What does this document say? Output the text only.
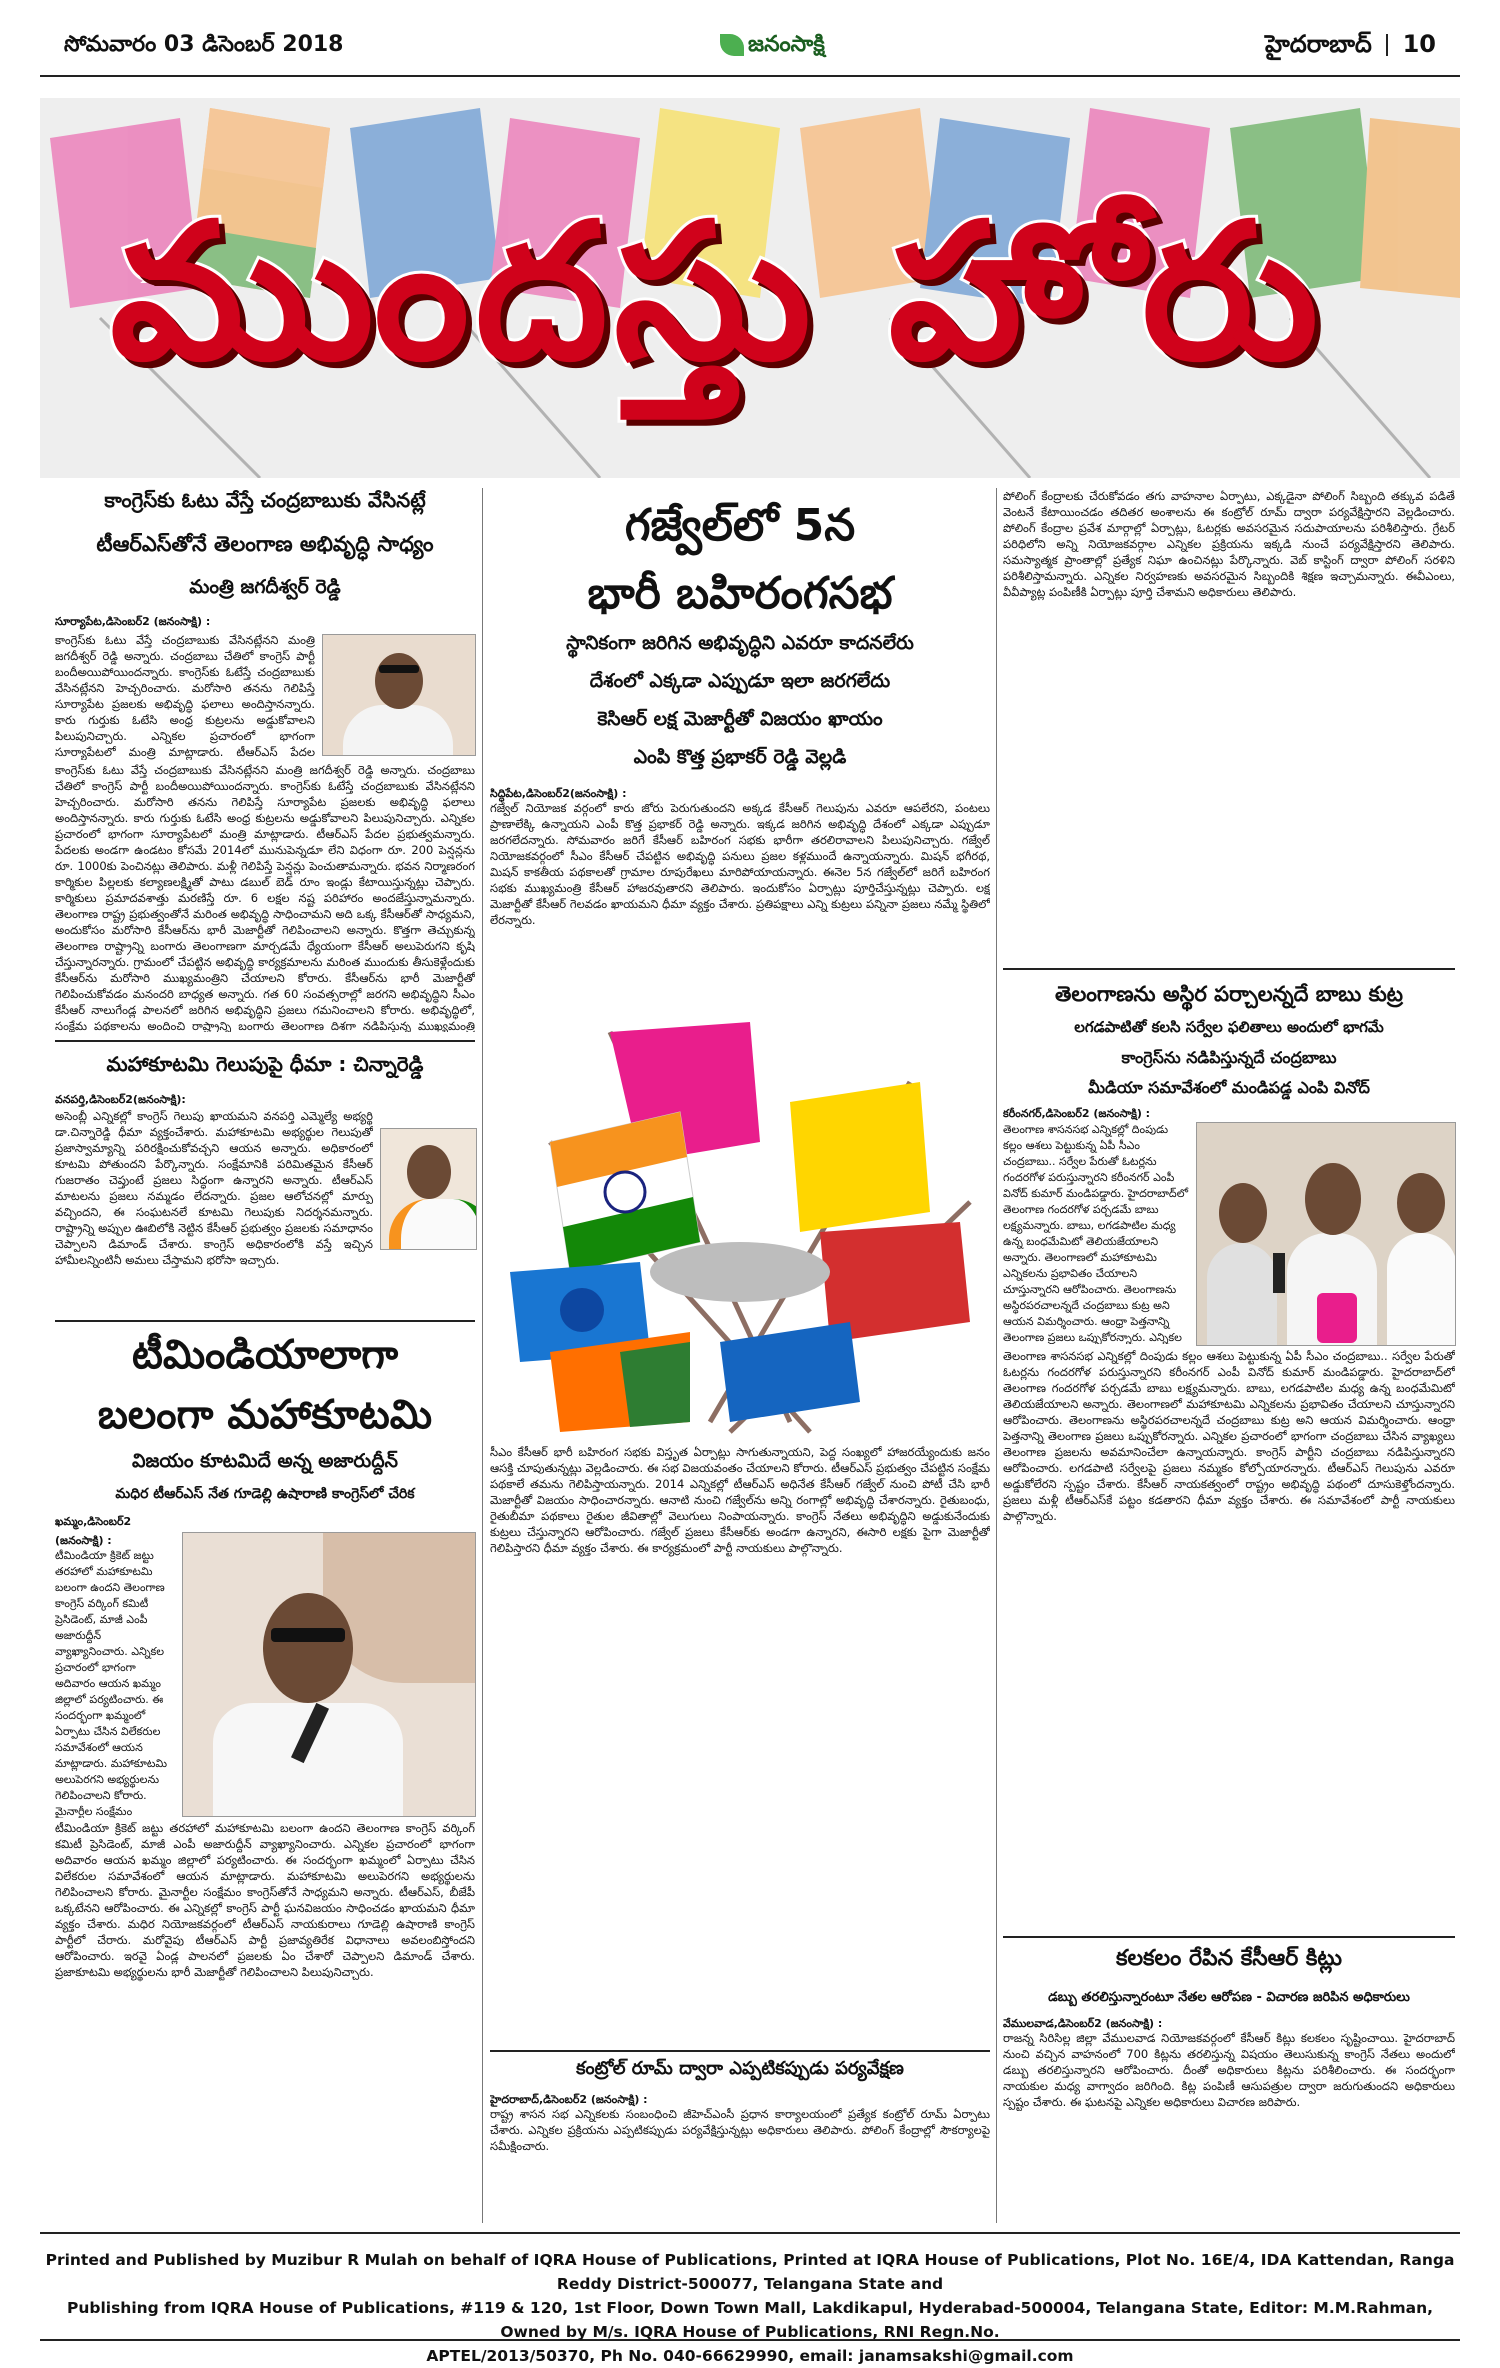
సోమవారం 03 డిసెంబర్ 2018	జనంసాక్షి	హైదరాబాద్ 10
ముందస్తు హోరు
కాంగ్రెస్‌కు ఓటు వేస్తే చంద్రబాబుకు వేసినట్లే
టీఆర్‌ఎస్‌తోనే తెలంగాణ అభివృద్ధి సాధ్యం
మంత్రి జగదీశ్వర్ రెడ్డి
సూర్యాపేట,డిసెంబర్2 (జనంసాక్షి) :
కాంగ్రెస్‌కు ఓటు వేస్తే చంద్రబాబుకు వేసినట్లేనని మంత్రి జగదీశ్వర్ రెడ్డి అన్నారు. చంద్రబాబు చేతిలో కాంగ్రెస్ పార్టీ బందీఅయిపోయిందన్నారు. కాంగ్రెస్‌కు ఓటేస్తే చంద్రబాబుకు వేసినట్లేనని హెచ్చరించారు. మరోసారి తనను గెలిపిస్తే సూర్యాపేట ప్రజలకు అభివృద్ధి ఫలాలు అందిస్తానన్నారు. కారు గుర్తుకు ఓటేసి అంధ్ర కుట్రలను అడ్డుకోవాలని పిలుపునిచ్చారు. ఎన్నికల ప్రచారంలో భాగంగా సూర్యాపేటలో మంత్రి మాట్లాడారు. టీఆర్‌ఎస్ పేదల
కాంగ్రెస్‌కు ఓటు వేస్తే చంద్రబాబుకు వేసినట్లేనని మంత్రి జగదీశ్వర్ రెడ్డి అన్నారు. చంద్రబాబు చేతిలో కాంగ్రెస్ పార్టీ బందీఅయిపోయిందన్నారు. కాంగ్రెస్‌కు ఓటేస్తే చంద్రబాబుకు వేసినట్లేనని హెచ్చరించారు. మరోసారి తనను గెలిపిస్తే సూర్యాపేట ప్రజలకు అభివృద్ధి ఫలాలు అందిస్తానన్నారు. కారు గుర్తుకు ఓటేసి అంధ్ర కుట్రలను అడ్డుకోవాలని పిలుపునిచ్చారు. ఎన్నికల ప్రచారంలో భాగంగా సూర్యాపేటలో మంత్రి మాట్లాడారు. టీఆర్‌ఎస్ పేదల ప్రభుత్వమన్నారు. పేదలకు అండగా ఉండటం కోసమే 2014లో మునుపెన్నడూ లేని విధంగా రూ. 200 పెన్షన్లను రూ. 1000కు పెంచినట్లు తెలిపారు. మళ్లీ గెలిపిస్తే పెన్షన్లు పెంచుతామన్నారు. భవన నిర్మాణరంగ కార్మికుల పిల్లలకు కల్యాణలక్ష్మితో పాటు డబుల్ బెడ్ రూం ఇండ్లు కేటాయిస్తున్నట్లు చెప్పారు. కార్మికులు ప్రమాదవశాత్తు మరణిస్తే రూ. 6 లక్షల నష్ట పరిహారం అందజేస్తున్నామన్నారు. తెలంగాణ రాష్ట్ర ప్రభుత్వంతోనే మరింత అభివృద్ధి సాధించామని అది ఒక్క కేసీఆర్‌తో సాధ్యమని, అందుకోసం మరోసారి కేసీఆర్‌ను భారీ మెజార్టీతో గెలిపించాలని అన్నారు. కొత్తగా తెచ్చుకున్న తెలంగాణ రాష్ట్రాన్ని బంగారు తెలంగాణగా మార్చడమే ధ్యేయంగా కేసీఆర్ అలుపెరుగని కృషి చేస్తున్నారన్నారు. గ్రామంలో చేపట్టిన అభివృద్ధి కార్యక్రమాలను మరింత ముందుకు తీసుకెళ్లేందుకు కేసీఆర్‌ను మరోసారి ముఖ్యమంత్రిని చేయాలని కోరారు. కేసీఆర్‌ను భారీ మెజార్టీతో గెలిపించుకోవడం మనందరి బాధ్యత అన్నారు. గత 60 సంవత్సరాల్లో జరగని అభివృద్ధిని సీఎం కేసీఆర్ నాలుగేండ్ల పాలనలో జరిగిన అభివృద్ధిని ప్రజలు గమనించాలని కోరారు. అభివృద్ధిలో, సంక్షేమ పథకాలను అందించి రాష్ట్రాన్ని బంగారు తెలంగాణ దిశగా నడిపిస్తున్న ముఖ్యమంత్రి
మహాకూటమి గెలుపుపై ధీమా : చిన్నారెడ్డి
వనపర్తి,డిసెంబర్2(జనంసాక్షి):
అసెంబ్లీ ఎన్నికల్లో కాంగ్రెస్ గెలుపు ఖాయమని వనపర్తి ఎమ్మెల్యే అభ్యర్థి డా.చిన్నారెడ్డి ధీమా వ్యక్తంచేశారు. మహాకూటమి అభ్యర్థుల గెలుపుతో ప్రజాస్వామ్యాన్ని పరిరక్షించుకోవచ్చని ఆయన అన్నారు. అధికారంలో కూటమి పోతుందని పేర్కొన్నారు. సంక్షేమానికి పరిమితమైన కేసీఆర్ గుజరాతం చెప్తుంటే ప్రజలు సిద్ధంగా ఉన్నారని అన్నారు. టీఆర్‌ఎస్ మాటలను ప్రజలు నమ్మడం లేదన్నారు. ప్రజల ఆలోచనల్లో మార్పు వచ్చిందని, ఈ సంఘటనలే కూటమి గెలుపుకు నిదర్శనమన్నారు. రాష్ట్రాన్ని అప్పుల ఊబిలోకి నెట్టిన కేసీఆర్ ప్రభుత్వం ప్రజలకు సమాధానం చెప్పాలని డిమాండ్ చేశారు. కాంగ్రెస్ అధికారంలోకి వస్తే ఇచ్చిన హామీలన్నింటినీ అమలు చేస్తామని భరోసా ఇచ్చారు.
టీమిండియాలాగా
బలంగా మహాకూటమి
విజయం కూటమిదే అన్న అజారుద్దీన్
మధిర టీఆర్‌ఎస్ నేత గూడెల్లి ఉషారాణి కాంగ్రెస్‌లో చేరిక
ఖమ్మం,డిసెంబర్2 (జనంసాక్షి) :
టీమిండియా క్రికెట్ జట్టు తరహాలో మహాకూటమి బలంగా ఉందని తెలంగాణ కాంగ్రెస్ వర్కింగ్ కమిటీ ప్రెసిడెంట్, మాజీ ఎంపీ అజారుద్దీన్ వ్యాఖ్యానించారు. ఎన్నికల ప్రచారంలో భాగంగా అదివారం ఆయన ఖమ్మం జిల్లాలో పర్యటించారు. ఈ సందర్భంగా ఖమ్మంలో ఏర్పాటు చేసిన విలేకరుల సమావేశంలో ఆయన మాట్లాడారు. మహాకూటమి అలుపెరగని అభ్యర్థులను గెలిపించాలని కోరారు. మైనార్టీల సంక్షేమం
టీమిండియా క్రికెట్ జట్టు తరహాలో మహాకూటమి బలంగా ఉందని తెలంగాణ కాంగ్రెస్ వర్కింగ్ కమిటీ ప్రెసిడెంట్, మాజీ ఎంపీ అజారుద్దీన్ వ్యాఖ్యానించారు. ఎన్నికల ప్రచారంలో భాగంగా అదివారం ఆయన ఖమ్మం జిల్లాలో పర్యటించారు. ఈ సందర్భంగా ఖమ్మంలో ఏర్పాటు చేసిన విలేకరుల సమావేశంలో ఆయన మాట్లాడారు. మహాకూటమి అలుపెరగని అభ్యర్థులను గెలిపించాలని కోరారు. మైనార్టీల సంక్షేమం కాంగ్రెస్‌తోనే సాధ్యమని అన్నారు. టీఆర్‌ఎస్, బీజేపీ ఒక్కటేనని ఆరోపించారు. ఈ ఎన్నికల్లో కాంగ్రెస్ పార్టీ ఘనవిజయం సాధించడం ఖాయమని ధీమా వ్యక్తం చేశారు. మధిర నియోజకవర్గంలో టీఆర్‌ఎస్ నాయకురాలు గూడెల్లి ఉషారాణి కాంగ్రెస్ పార్టీలో చేరారు. మరోవైపు టీఆర్‌ఎస్ పార్టీ ప్రజావ్యతిరేక విధానాలు అవలంబిస్తోందని ఆరోపించారు. ఇరవై ఏండ్ల పాలనలో ప్రజలకు ఏం చేశారో చెప్పాలని డిమాండ్ చేశారు. ప్రజాకూటమి అభ్యర్థులను భారీ మెజార్టీతో గెలిపించాలని పిలుపునిచ్చారు.
గజ్వేల్‌లో 5న
భారీ బహిరంగసభ
స్థానికంగా జరిగిన అభివృద్ధిని ఎవరూ కాదనలేరు
దేశంలో ఎక్కడా ఎప్పుడూ ఇలా జరగలేదు
కెసిఆర్ లక్ష మెజార్టీతో విజయం ఖాయం
ఎంపి కొత్త ప్రభాకర్ రెడ్డి వెల్లడి
సిద్ధిపేట,డిసెంబర్2(జనంసాక్షి) :
గజ్వేల్ నియోజక వర్గంలో కారు జోరు పెరుగుతుందని అక్కడ కేసీఆర్ గెలుపును ఎవరూ ఆపలేరని, పంటలు ప్రాణాలేక్కి ఉన్నాయని ఎంపీ కొత్త ప్రభాకర్ రెడ్డి అన్నారు. ఇక్కడ జరిగిన అభివృద్ధి దేశంలో ఎక్కడా ఎప్పుడూ జరగలేదన్నారు. సోమవారం జరిగే కేసీఆర్ బహిరంగ సభకు భారీగా తరలిరావాలని పిలుపునిచ్చారు. గజ్వేల్ నియోజకవర్గంలో సీఎం కేసీఆర్ చేపట్టిన అభివృద్ధి పనులు ప్రజల కళ్లముందే ఉన్నాయన్నారు. మిషన్ భగీరథ, మిషన్ కాకతీయ పథకాలతో గ్రామాల రూపురేఖలు మారిపోయాయన్నారు. ఈనెల 5న గజ్వేల్‌లో జరిగే బహిరంగ సభకు ముఖ్యమంత్రి కేసీఆర్ హాజరవుతారని తెలిపారు. ఇందుకోసం ఏర్పాట్లు పూర్తిచేస్తున్నట్లు చెప్పారు. లక్ష మెజార్టీతో కేసీఆర్ గెలవడం ఖాయమని ధీమా వ్యక్తం చేశారు. ప్రతిపక్షాలు ఎన్ని కుట్రలు పన్నినా ప్రజలు నమ్మే స్థితిలో లేరన్నారు.
సీఎం కేసీఆర్ భారీ బహిరంగ సభకు విస్తృత ఏర్పాట్లు సాగుతున్నాయని, పెద్ద సంఖ్యలో హాజరయ్యేందుకు జనం ఆసక్తి చూపుతున్నట్లు వెల్లడించారు. ఈ సభ విజయవంతం చేయాలని కోరారు. టీఆర్‌ఎస్ ప్రభుత్వం చేపట్టిన సంక్షేమ పథకాలే తమను గెలిపిస్తాయన్నారు. 2014 ఎన్నికల్లో టీఆర్‌ఎస్ అధినేత కేసీఆర్ గజ్వేల్ నుంచి పోటీ చేసి భారీ మెజార్టీతో విజయం సాధించారన్నారు. ఆనాటి నుంచి గజ్వేల్‌ను అన్ని రంగాల్లో అభివృద్ధి చేశారన్నారు. రైతుబంధు, రైతుబీమా పథకాలు రైతుల జీవితాల్లో వెలుగులు నింపాయన్నారు. కాంగ్రెస్ నేతలు అభివృద్ధిని అడ్డుకునేందుకు కుట్రలు చేస్తున్నారని ఆరోపించారు. గజ్వేల్ ప్రజలు కేసీఆర్‌కు అండగా ఉన్నారని, ఈసారి లక్షకు పైగా మెజార్టీతో గెలిపిస్తారని ధీమా వ్యక్తం చేశారు. ఈ కార్యక్రమంలో పార్టీ నాయకులు పాల్గొన్నారు.
కంట్రోల్ రూమ్ ద్వారా ఎప్పటికప్పుడు పర్యవేక్షణ
హైదరాబాద్,డిసెంబర్2 (జనంసాక్షి) :
రాష్ట్ర శాసన సభ ఎన్నికలకు సంబంధించి జీహెచ్‌ఎంసీ ప్రధాన కార్యాలయంలో ప్రత్యేక కంట్రోల్ రూమ్ ఏర్పాటు చేశారు. ఎన్నికల ప్రక్రియను ఎప్పటికప్పుడు పర్యవేక్షిస్తున్నట్లు అధికారులు తెలిపారు. పోలింగ్ కేంద్రాల్లో సౌకర్యాలపై సమీక్షించారు.
పోలింగ్ కేంద్రాలకు చేరుకోవడం తగు వాహనాల ఏర్పాటు, ఎక్కడైనా పోలింగ్ సిబ్బంది తక్కువ పడితే వెంటనే కేటాయించడం తదితర అంశాలను ఈ కంట్రోల్ రూమ్ ద్వారా పర్యవేక్షిస్తారని వెల్లడించారు. పోలింగ్ కేంద్రాల ప్రవేశ మార్గాల్లో ఏర్పాట్లు, ఓటర్లకు అవసరమైన సదుపాయాలను పరిశీలిస్తారు. గ్రేటర్ పరిధిలోని అన్ని నియోజకవర్గాల ఎన్నికల ప్రక్రియను ఇక్కడి నుంచే పర్యవేక్షిస్తారని తెలిపారు. సమస్యాత్మక ప్రాంతాల్లో ప్రత్యేక నిఘా ఉంచినట్లు పేర్కొన్నారు. వెబ్ కాస్టింగ్ ద్వారా పోలింగ్ సరళిని పరిశీలిస్తామన్నారు. ఎన్నికల నిర్వహణకు అవసరమైన సిబ్బందికి శిక్షణ ఇచ్చామన్నారు. ఈవీఎంలు, వీవీప్యాట్ల పంపిణీకి ఏర్పాట్లు పూర్తి చేశామని అధికారులు తెలిపారు.
తెలంగాణను అస్థిర పర్చాలన్నదే బాబు కుట్ర
లగడపాటితో కలసి సర్వేల ఫలితాలు అందులో భాగమే
కాంగ్రెస్‌ను నడిపిస్తున్నదే చంద్రబాబు
మీడియా సమావేశంలో మండిపడ్డ ఎంపి వినోద్
కరీంనగర్,డిసెంబర్2 (జనంసాక్షి) :
తెలంగాణ శాసనసభ ఎన్నికల్లో దింపుడు కల్లం ఆశలు పెట్టుకున్న ఏపీ సీఎం చంద్రబాబు.. సర్వేల పేరుతో ఓటర్లను గందరగోళ పరుస్తున్నారని కరీంనగర్ ఎంపీ వినోద్ కుమార్ మండిపడ్డారు. హైదరాబాద్‌లో తెలంగాణ గందరగోళ పర్చడమే బాబు లక్ష్యమన్నారు. బాబు, లగడపాటిల మధ్య ఉన్న బంధమేమిటో తెలియజేయాలని అన్నారు. తెలంగాణలో మహాకూటమి ఎన్నికలను ప్రభావితం చేయాలని చూస్తున్నారని ఆరోపించారు. తెలంగాణను అస్థిరపరచాలన్నదే చంద్రబాబు కుట్ర అని ఆయన విమర్శించారు. ఆంధ్రా పెత్తనాన్ని తెలంగాణ ప్రజలు ఒప్పుకోరన్నారు. ఎన్నికల
తెలంగాణ శాసనసభ ఎన్నికల్లో దింపుడు కల్లం ఆశలు పెట్టుకున్న ఏపీ సీఎం చంద్రబాబు.. సర్వేల పేరుతో ఓటర్లను గందరగోళ పరుస్తున్నారని కరీంనగర్ ఎంపీ వినోద్ కుమార్ మండిపడ్డారు. హైదరాబాద్‌లో తెలంగాణ గందరగోళ పర్చడమే బాబు లక్ష్యమన్నారు. బాబు, లగడపాటిల మధ్య ఉన్న బంధమేమిటో తెలియజేయాలని అన్నారు. తెలంగాణలో మహాకూటమి ఎన్నికలను ప్రభావితం చేయాలని చూస్తున్నారని ఆరోపించారు. తెలంగాణను అస్థిరపరచాలన్నదే చంద్రబాబు కుట్ర అని ఆయన విమర్శించారు. ఆంధ్రా పెత్తనాన్ని తెలంగాణ ప్రజలు ఒప్పుకోరన్నారు. ఎన్నికల ప్రచారంలో భాగంగా చంద్రబాబు చేసిన వ్యాఖ్యలు తెలంగాణ ప్రజలను అవమానించేలా ఉన్నాయన్నారు. కాంగ్రెస్ పార్టీని చంద్రబాబు నడిపిస్తున్నారని ఆరోపించారు. లగడపాటి సర్వేలపై ప్రజలు నమ్మకం కోల్పోయారన్నారు. టీఆర్‌ఎస్ గెలుపును ఎవరూ అడ్డుకోలేరని స్పష్టం చేశారు. కేసీఆర్ నాయకత్వంలో రాష్ట్రం అభివృద్ధి పథంలో దూసుకెళ్తోందన్నారు. ప్రజలు మళ్లీ టీఆర్‌ఎస్‌కే పట్టం కడతారని ధీమా వ్యక్తం చేశారు. ఈ సమావేశంలో పార్టీ నాయకులు పాల్గొన్నారు.
కలకలం రేపిన కేసీఆర్ కిట్లు
డబ్బు తరలిస్తున్నారంటూ నేతల ఆరోపణ - విచారణ జరిపిన అధికారులు
వేములవాడ,డిసెంబర్2 (జనంసాక్షి) :
రాజన్న సిరిసిల్ల జిల్లా వేములవాడ నియోజకవర్గంలో కేసీఆర్ కిట్లు కలకలం సృష్టించాయి. హైదరాబాద్ నుంచి వచ్చిన వాహనంలో 700 కిట్లను తరలిస్తున్న విషయం తెలుసుకున్న కాంగ్రెస్ నేతలు అందులో డబ్బు తరలిస్తున్నారని ఆరోపించారు. దీంతో అధికారులు కిట్లను పరిశీలించారు. ఈ సందర్భంగా నాయకుల మధ్య వాగ్వాదం జరిగింది. కిట్ల పంపిణీ ఆసుపత్రుల ద్వారా జరుగుతుందని అధికారులు స్పష్టం చేశారు. ఈ ఘటనపై ఎన్నికల అధికారులు విచారణ జరిపారు.
Printed and Published by Muzibur R Mulah on behalf of IQRA House of Publications, Printed at IQRA House of Publications, Plot No. 16E/4, IDA Kattendan, Ranga Reddy District-500077, Telangana State and
Publishing from IQRA House of Publications, #119 & 120, 1st Floor, Down Town Mall, Lakdikapul, Hyderabad-500004, Telangana State, Editor: M.M.Rahman, Owned by M/s. IQRA House of Publications, RNI Regn.No.
APTEL/2013/50370, Ph No. 040-66629990, email: janamsakshi@gmail.com
